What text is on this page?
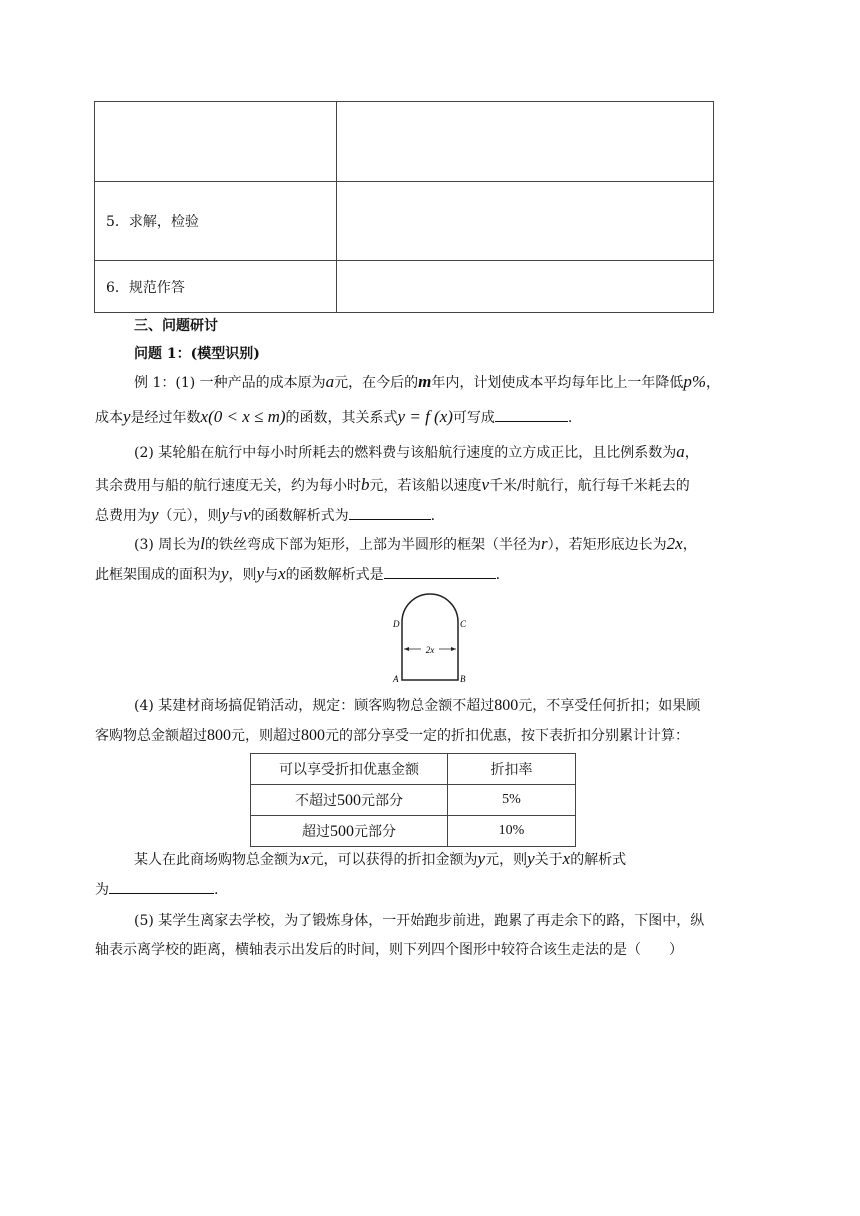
5．求解，检验	
6．规范作答	
三、问题研讨
问题 1：(模型识别)
例 1：(1) 一种产品的成本原为a元，在今后的m年内，计划使成本平均每年比上一年降低p%，
成本y是经过年数x(0 < x ≤ m)的函数，其关系式y = f (x)可写成	.
(2) 某轮船在航行中每小时所耗去的燃料费与该船航行速度的立方成正比，且比例系数为a，
其余费用与船的航行速度无关，约为每小时b元，若该船以速度v千米/时航行，航行每千米耗去的
总费用为y（元），则y与v的函数解析式为	.
(3) 周长为l的铁丝弯成下部为矩形，上部为半圆形的框架（半径为r），若矩形底边长为2x，
此框架围成的面积为y，则y与x的函数解析式是	.
2x
D	C
A	B
(4) 某建材商场搞促销活动，规定：顾客购物总金额不超过800元，不享受任何折扣；如果顾
客购物总金额超过800元，则超过800元的部分享受一定的折扣优惠，按下表折扣分别累计计算：
可以享受折扣优惠金额	折扣率
不超过500元部分	5%
超过500元部分	10%
某人在此商场购物总金额为x元，可以获得的折扣金额为y元，则y关于x的解析式
为	.
(5) 某学生离家去学校，为了锻炼身体，一开始跑步前进，跑累了再走余下的路，下图中，纵
轴表示离学校的距离，横轴表示出发后的时间，则下列四个图形中较符合该生走法的是（　　）
